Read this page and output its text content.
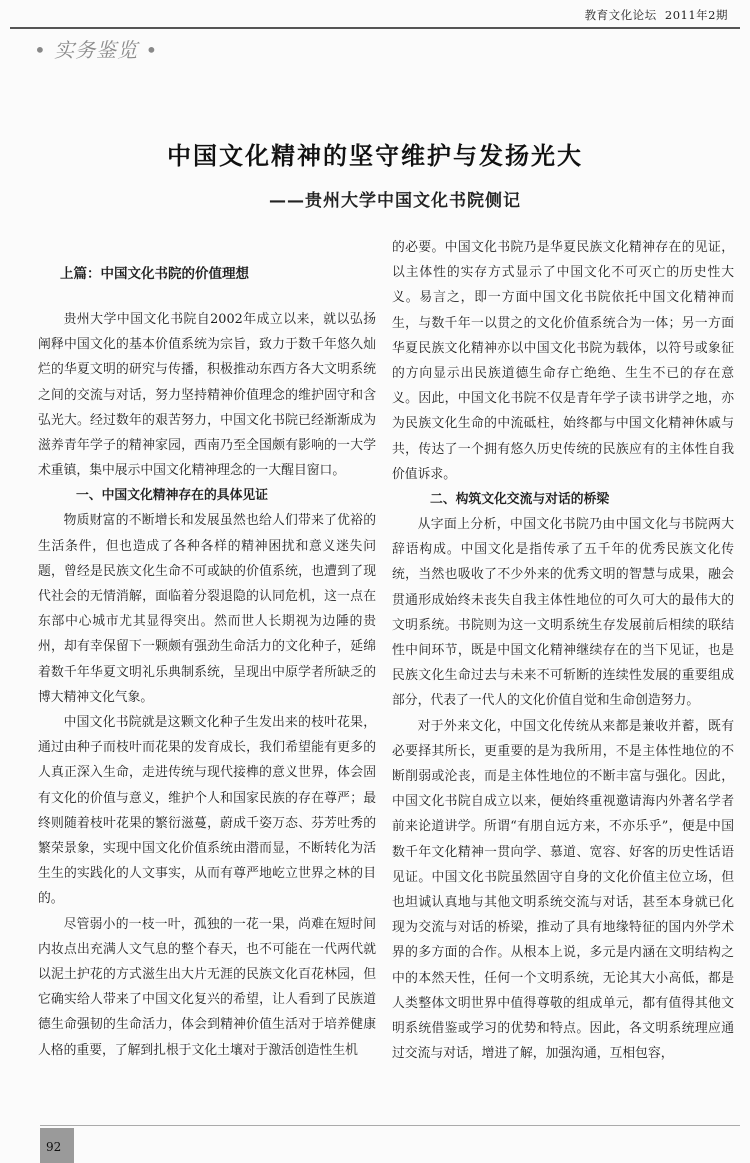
教育文化论坛 2011年2期
• 实务鉴览 •
中国文化精神的坚守维护与发扬光大
——贵州大学中国文化书院侧记
上篇：中国文化书院的价值理想

贵州大学中国文化书院自2002年成立以来，就以弘扬阐释中国文化的基本价值系统为宗旨，致力于数千年悠久灿烂的华夏文明的研究与传播，积极推动东西方各大文明系统之间的交流与对话，努力坚持精神价值理念的维护固守和含弘光大。经过数年的艰苦努力，中国文化书院已经渐渐成为滋养青年学子的精神家园，西南乃至全国颇有影响的一大学术重镇，集中展示中国文化精神理念的一大醒目窗口。

一、中国文化精神存在的具体见证

物质财富的不断增长和发展虽然也给人们带来了优裕的生活条件，但也造成了各种各样的精神困扰和意义迷失问题，曾经是民族文化生命不可或缺的价值系统，也遭到了现代社会的无情消解，面临着分裂退隐的认同危机，这一点在东部中心城市尤其显得突出。然而世人长期视为边陲的贵州，却有幸保留下一颗颇有强劲生命活力的文化种子，延绵着数千年华夏文明礼乐典制系统，呈现出中原学者所缺乏的博大精神文化气象。

中国文化书院就是这颗文化种子生发出来的枝叶花果，通过由种子而枝叶而花果的发育成长，我们希望能有更多的人真正深入生命，走进传统与现代接榫的意义世界，体会固有文化的价值与意义，维护个人和国家民族的存在尊严；最终则随着枝叶花果的繁衍滋蔓，蔚成千姿万态、芬芳吐秀的繁荣景象，实现中国文化价值系统由潜而显，不断转化为活生生的实践化的人文事实，从而有尊严地屹立世界之林的目的。

尽管弱小的一枝一叶，孤独的一花一果，尚难在短时间内妆点出充满人文气息的整个春天，也不可能在一代两代就以泥土护花的方式滋生出大片无涯的民族文化百花林园，但它确实给人带来了中国文化复兴的希望，让人看到了民族道德生命强韧的生命活力，体会到精神价值生活对于培养健康人格的重要，了解到扎根于文化土壤对于激活创造性生机

的必要。中国文化书院乃是华夏民族文化精神存在的见证，以主体性的实存方式显示了中国文化不可灭亡的历史性大义。易言之，即一方面中国文化书院依托中国文化精神而生，与数千年一以贯之的文化价值系统合为一体；另一方面华夏民族文化精神亦以中国文化书院为载体，以符号或象征的方向显示出民族道德生命存亡绝绝、生生不已的存在意义。因此，中国文化书院不仅是青年学子读书讲学之地，亦为民族文化生命的中流砥柱，始终都与中国文化精神休戚与共，传达了一个拥有悠久历史传统的民族应有的主体性自我价值诉求。

二、构筑文化交流与对话的桥梁

从字面上分析，中国文化书院乃由中国文化与书院两大辞语构成。中国文化是指传承了五千年的优秀民族文化传统，当然也吸收了不少外来的优秀文明的智慧与成果，融会贯通形成始终未丧失自我主体性地位的可久可大的最伟大的文明系统。书院则为这一文明系统生存发展前后相续的联结性中间环节，既是中国文化精神继续存在的当下见证，也是民族文化生命过去与未来不可斩断的连续性发展的重要组成部分，代表了一代人的文化价值自觉和生命创造努力。

对于外来文化，中国文化传统从来都是兼收并蓄，既有必要择其所长，更重要的是为我所用，不是主体性地位的不断削弱或沦丧，而是主体性地位的不断丰富与强化。因此，中国文化书院自成立以来，便始终重视邀请海内外著名学者前来论道讲学。所谓“有朋自远方来，不亦乐乎”，便是中国数千年文化精神一贯向学、慕道、宽容、好客的历史性话语见证。中国文化书院虽然固守自身的文化价值主位立场，但也坦诚认真地与其他文明系统交流与对话，甚至本身就已化现为交流与对话的桥梁，推动了具有地缘特征的国内外学术界的多方面的合作。从根本上说，多元是内涵在文明结构之中的本然天性，任何一个文明系统，无论其大小高低，都是人类整体文明世界中值得尊敬的组成单元，都有值得其他文明系统借鉴或学习的优势和特点。因此，各文明系统理应通过交流与对话，增进了解，加强沟通，互相包容，

92
